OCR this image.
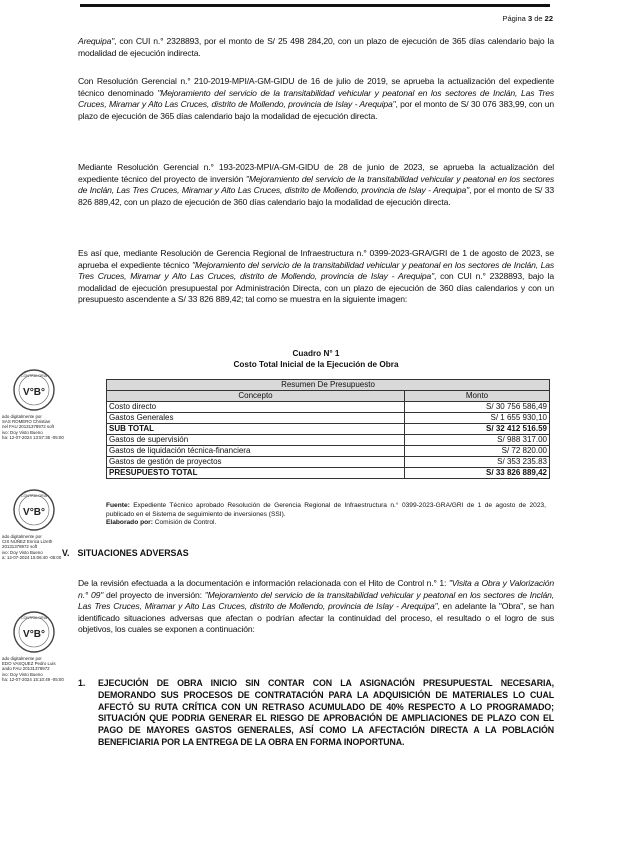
Página 3 de 22
Arequipa", con CUI n.° 2328893, por el monto de S/ 25 498 284,20, con un plazo de ejecución de 365 días calendario bajo la modalidad de ejecución indirecta.
Con Resolución Gerencial n.° 210-2019-MPI/A-GM-GIDU de 16 de julio de 2019, se aprueba la actualización del expediente técnico denominado "Mejoramiento del servicio de la transitabilidad vehicular y peatonal en los sectores de Inclán, Las Tres Cruces, Miramar y Alto Las Cruces, distrito de Mollendo, provincia de Islay - Arequipa", por el monto de S/ 30 076 383,99, con un plazo de ejecución de 365 días calendario bajo la modalidad de ejecución directa.
Mediante Resolución Gerencial n.° 193-2023-MPI/A-GM-GIDU de 28 de junio de 2023, se aprueba la actualización del expediente técnico del proyecto de inversión "Mejoramiento del servicio de la transitabilidad vehicular y peatonal en los sectores de Inclán, Las Tres Cruces, Miramar y Alto Las Cruces, distrito de Mollendo, provincia de Islay - Arequipa", por el monto de S/ 33 826 889,42, con un plazo de ejecución de 360 días calendario bajo la modalidad de ejecución directa.
Es así que, mediante Resolución de Gerencia Regional de Infraestructura n.° 0399-2023-GRA/GRI de 1 de agosto de 2023, se aprueba el expediente técnico "Mejoramiento del servicio de la transitabilidad vehicular y peatonal en los sectores de Inclán, Las Tres Cruces, Miramar y Alto Las Cruces, distrito de Mollendo, provincia de Islay - Arequipa", con CUI n.° 2328893, bajo la modalidad de ejecución presupuestal por Administración Directa, con un plazo de ejecución de 360 días calendarios y con un presupuesto ascendente a S/ 33 826 889,42; tal como se muestra en la siguiente imagen:
Cuadro N° 1
Costo Total Inicial de la Ejecución de Obra
Resumen De Presupuesto	
Concepto	Monto
Costo directo	S/ 30 756 586,49
Gastos Generales	S/ 1 655 930,10
SUB TOTAL	S/ 32 412 516.59
Gastos de supervisión	S/ 988 317.00
Gastos de liquidación técnica-financiera	S/ 72 820.00
Gastos de gestión de proyectos	S/ 353 235.83
PRESUPUESTO TOTAL	S/ 33 826 889,42
Fuente: Expediente Técnico aprobado Resolución de Gerencia Regional de Infraestructura n.° 0399-2023-GRA/GRI de 1 de agosto de 2023, publicado en el Sistema de seguimiento de inversiones (SSI).
Elaborado por: Comisión de Control.
V. SITUACIONES ADVERSAS
De la revisión efectuada a la documentación e información relacionada con el Hito de Control n.° 1: "Visita a Obra y Valorización n.° 09" del proyecto de inversión: "Mejoramiento del servicio de la transitabilidad vehicular y peatonal en los sectores de Inclán, Las Tres Cruces, Miramar y Alto Las Cruces, distrito de Mollendo, provincia de Islay - Arequipa", en adelante la "Obra", se han identificado situaciones adversas que afectan o podrían afectar la continuidad del proceso, el resultado o el logro de sus objetivos, los cuales se exponen a continuación:
1. EJECUCIÓN DE OBRA INICIO SIN CONTAR CON LA ASIGNACIÓN PRESUPUESTAL NECESARIA, DEMORANDO SUS PROCESOS DE CONTRATACIÓN PARA LA ADQUISICIÓN DE MATERIALES LO CUAL AFECTÓ SU RUTA CRÍTICA CON UN RETRASO ACUMULADO DE 40% RESPECTO A LO PROGRAMADO; SITUACIÓN QUE PODRIA GENERAR EL RIESGO DE APROBACIÓN DE AMPLIACIONES DE PLAZO CON EL PAGO DE MAYORES GASTOS GENERALES, ASÍ COMO LA AFECTACIÓN DIRECTA A LA POBLACIÓN BENEFICIARIA POR LA ENTREGA DE LA OBRA EN FORMA INOPORTUNA.
CONTRALORÍA
V°B°
ado digitalmente por
SAS ROMERO Christian
nel FAU 20131378972 soft
ivo: Doy Visto Bueno
ha: 12-07-2024 13:57:35 -05:00
CONTRALORÍA
V°B°
ado digitalmente por
CIS NÚÑEZ Enrica Lizeth
20131378972 soft
ivo: Doy Visto Bueno
a: 12-07-2024 15:06:40 -05:00
CONTRALORÍA
V°B°
ado digitalmente por
EDO VASQUEZ Pedro Luis
ando FAU 20131378972
ivo: Doy Visto Bueno
ha: 12-07-2024 15:10:49 -05:00
